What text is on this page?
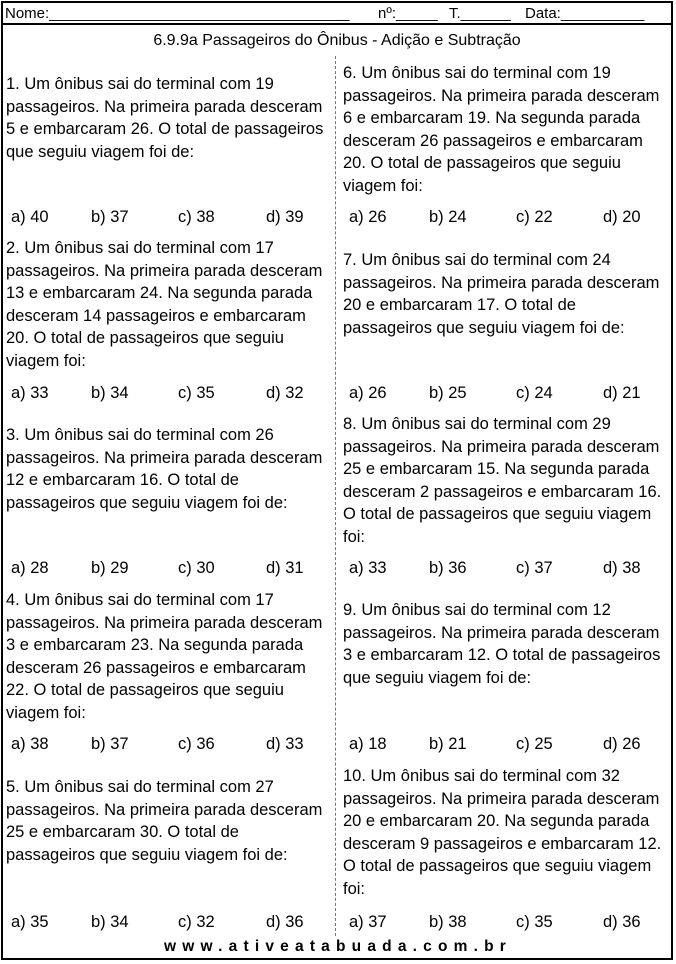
Nome:____________________________________ nº:_____ T.______ Data:__________
6.9.9a Passageiros do Ônibus - Adição e Subtração
1. Um ônibus sai do terminal com 19 passageiros. Na primeira parada desceram 5 e embarcaram 26. O total de passageiros que seguiu viagem foi de:
a) 40	b) 37	c) 38	d) 39
2. Um ônibus sai do terminal com 17 passageiros. Na primeira parada desceram 13 e embarcaram 24. Na segunda parada desceram 14 passageiros e embarcaram 20. O total de passageiros que seguiu viagem foi:
a) 33	b) 34	c) 35	d) 32
3. Um ônibus sai do terminal com 26 passageiros. Na primeira parada desceram 12 e embarcaram 16. O total de passageiros que seguiu viagem foi de:
a) 28	b) 29	c) 30	d) 31
4. Um ônibus sai do terminal com 17 passageiros. Na primeira parada desceram 3 e embarcaram 23. Na segunda parada desceram 26 passageiros e embarcaram 22. O total de passageiros que seguiu viagem foi:
a) 38	b) 37	c) 36	d) 33
5. Um ônibus sai do terminal com 27 passageiros. Na primeira parada desceram 25 e embarcaram 30. O total de passageiros que seguiu viagem foi de:
a) 35	b) 34	c) 32	d) 36
6. Um ônibus sai do terminal com 19 passageiros. Na primeira parada desceram 6 e embarcaram 19. Na segunda parada desceram 26 passageiros e embarcaram 20. O total de passageiros que seguiu viagem foi:
a) 26	b) 24	c) 22	d) 20
7. Um ônibus sai do terminal com 24 passageiros. Na primeira parada desceram 20 e embarcaram 17. O total de passageiros que seguiu viagem foi de:
a) 26	b) 25	c) 24	d) 21
8. Um ônibus sai do terminal com 29 passageiros. Na primeira parada desceram 25 e embarcaram 15. Na segunda parada desceram 2 passageiros e embarcaram 16. O total de passageiros que seguiu viagem foi:
a) 33	b) 36	c) 37	d) 38
9. Um ônibus sai do terminal com 12 passageiros. Na primeira parada desceram 3 e embarcaram 12. O total de passageiros que seguiu viagem foi de:
a) 18	b) 21	c) 25	d) 26
10. Um ônibus sai do terminal com 32 passageiros. Na primeira parada desceram 20 e embarcaram 20. Na segunda parada desceram 9 passageiros e embarcaram 12. O total de passageiros que seguiu viagem foi:
a) 37	b) 38	c) 35	d) 36
www.ativeatabuada.com.br
